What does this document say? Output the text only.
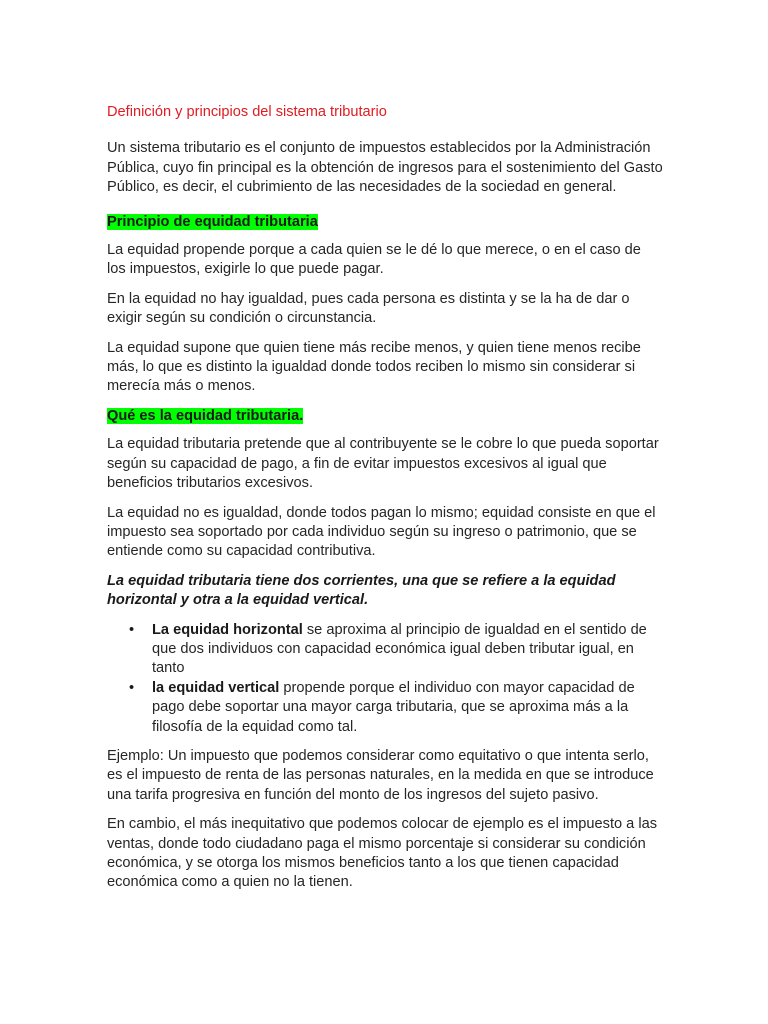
Definición y principios del sistema tributario

Un sistema tributario es el conjunto de impuestos establecidos por la Administración Pública, cuyo fin principal es la obtención de ingresos para el sostenimiento del Gasto Público, es decir, el cubrimiento de las necesidades de la sociedad en general.

Principio de equidad tributaria

La equidad propende porque a cada quien se le dé lo que merece, o en el caso de los impuestos, exigirle lo que puede pagar.

En la equidad no hay igualdad, pues cada persona es distinta y se la ha de dar o exigir según su condición o circunstancia.

La equidad supone que quien tiene más recibe menos, y quien tiene menos recibe más, lo que es distinto la igualdad donde todos reciben lo mismo sin considerar si merecía más o menos.

Qué es la equidad tributaria.

La equidad tributaria pretende que al contribuyente se le cobre lo que pueda soportar según su capacidad de pago, a fin de evitar impuestos excesivos al igual que beneficios tributarios excesivos.

La equidad no es igualdad, donde todos pagan lo mismo; equidad consiste en que el impuesto sea soportado por cada individuo según su ingreso o patrimonio, que se entiende como su capacidad contributiva.

La equidad tributaria tiene dos corrientes, una que se refiere a la equidad horizontal y otra a la equidad vertical.

• La equidad horizontal se aproxima al principio de igualdad en el sentido de que dos individuos con capacidad económica igual deben tributar igual, en tanto
• la equidad vertical propende porque el individuo con mayor capacidad de pago debe soportar una mayor carga tributaria, que se aproxima más a la filosofía de la equidad como tal.

Ejemplo: Un impuesto que podemos considerar como equitativo o que intenta serlo, es el impuesto de renta de las personas naturales, en la medida en que se introduce una tarifa progresiva en función del monto de los ingresos del sujeto pasivo.

En cambio, el más inequitativo que podemos colocar de ejemplo es el impuesto a las ventas, donde todo ciudadano paga el mismo porcentaje si considerar su condición económica, y se otorga los mismos beneficios tanto a los que tienen capacidad económica como a quien no la tienen.
